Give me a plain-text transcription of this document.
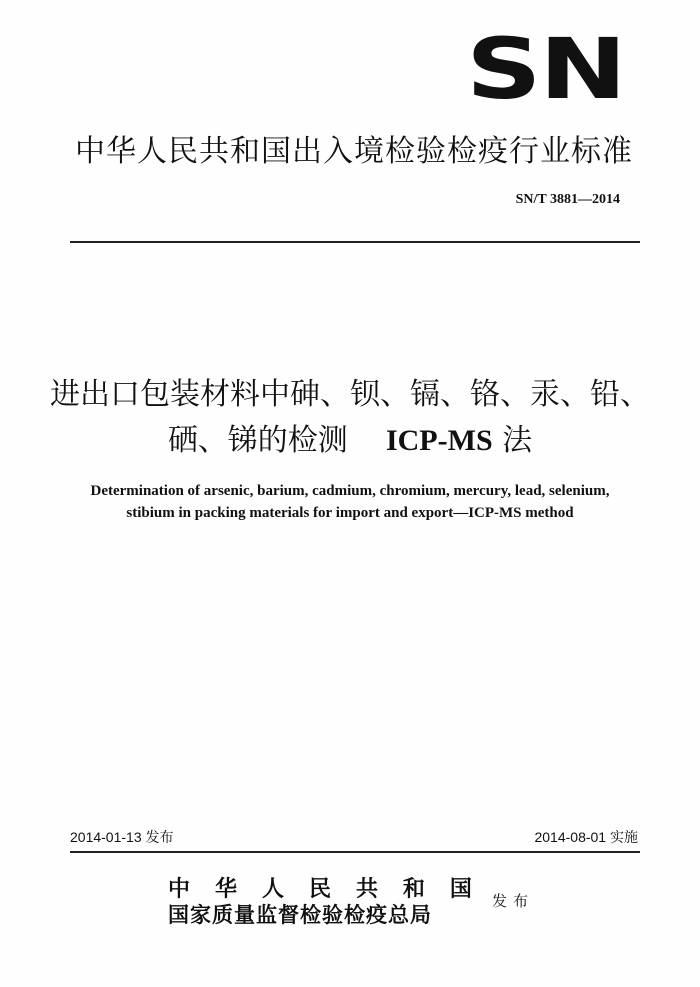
SN
中华人民共和国出入境检验检疫行业标准
SN/T 3881—2014
进出口包装材料中砷、钡、镉、铬、汞、铅、
硒、锑的检测 ICP-MS 法
Determination of arsenic, barium, cadmium, chromium, mercury, lead, selenium,
stibium in packing materials for import and export—ICP-MS method
2014-01-13 发布	2014-08-01 实施
中 华 人 民 共 和 国
国家质量监督检验检疫总局
发布
